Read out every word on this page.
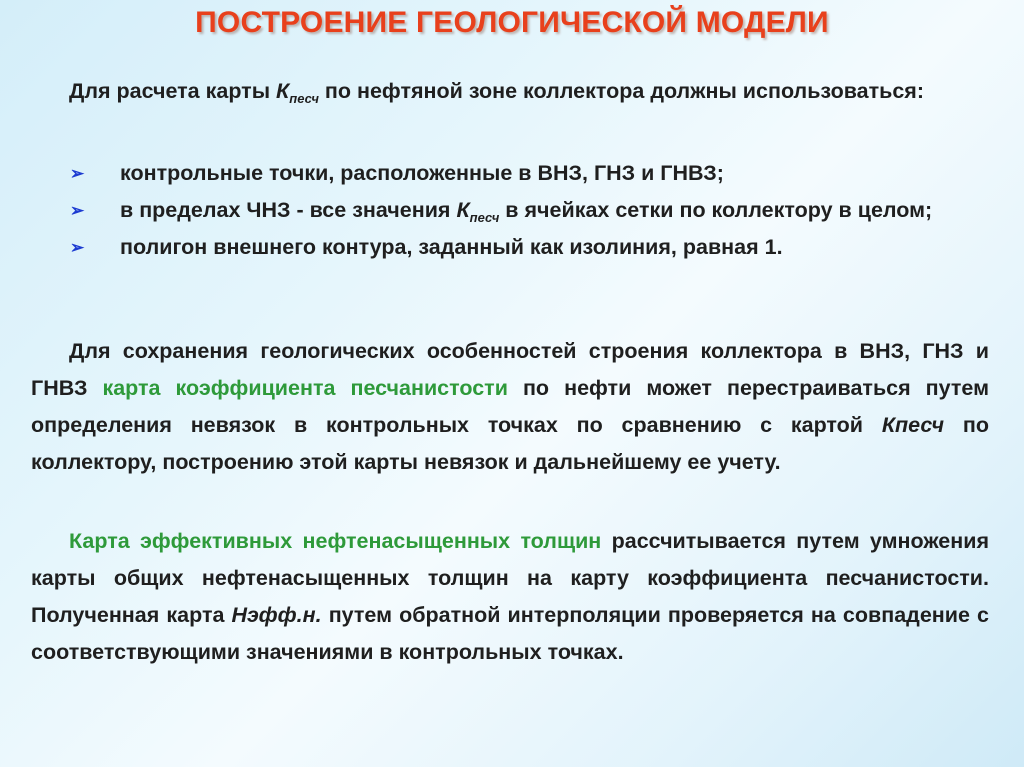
ПОСТРОЕНИЕ ГЕОЛОГИЧЕСКОЙ МОДЕЛИ

Для расчета карты $К_{песч}$ по нефтяной зоне коллектора должны использоваться:

➢ контрольные точки, расположенные в ВНЗ, ГНЗ и ГНВЗ;
➢ в пределах ЧНЗ - все значения $К_{песч}$ в ячейках сетки по коллектору в целом;
➢ полигон внешнего контура, заданный как изолиния, равная 1.

Для сохранения геологических особенностей строения коллектора в ВНЗ, ГНЗ и ГНВЗ карта коэффициента песчанистости по нефти может перестраиваться путем определения невязок в контрольных точках по сравнению с картой Кпесч по коллектору, построению этой карты невязок и дальнейшему ее учету.

Карта эффективных нефтенасыщенных толщин рассчитывается путем умножения карты общих нефтенасыщенных толщин на карту коэффициента песчанистости. Полученная карта Нэфф.н. путем обратной интерполяции проверяется на совпадение с соответствующими значениями в контрольных точках.
